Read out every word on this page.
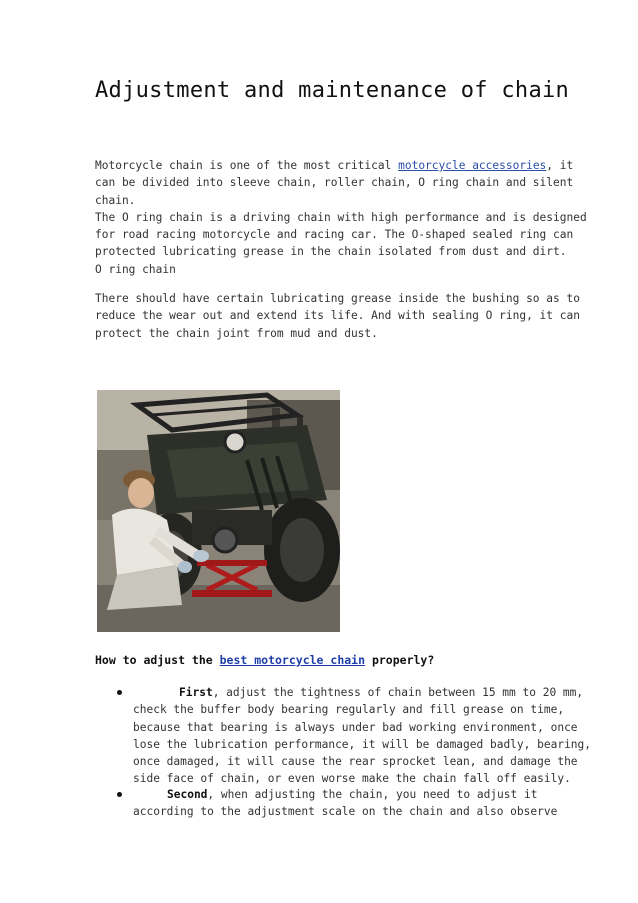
Adjustment and maintenance of chain
Motorcycle chain is one of the most critical motorcycle accessories, it
can be divided into sleeve chain, roller chain, O ring chain and silent
chain.
The O ring chain is a driving chain with high performance and is designed
for road racing motorcycle and racing car. The O-shaped sealed ring can
protected lubricating grease in the chain isolated from dust and dirt.
O ring chain
There should have certain lubricating grease inside the bushing so as to
reduce the wear out and extend its life. And with sealing O ring, it can
protect the chain joint from mud and dust.
How to adjust the best motorcycle chain properly?
First, adjust the tightness of chain between 15 mm to 20 mm,
check the buffer body bearing regularly and fill grease on time,
because that bearing is always under bad working environment, once
lose the lubrication performance, it will be damaged badly, bearing,
once damaged, it will cause the rear sprocket lean, and damage the
side face of chain, or even worse make the chain fall off easily.
Second, when adjusting the chain, you need to adjust it
according to the adjustment scale on the chain and also observe
